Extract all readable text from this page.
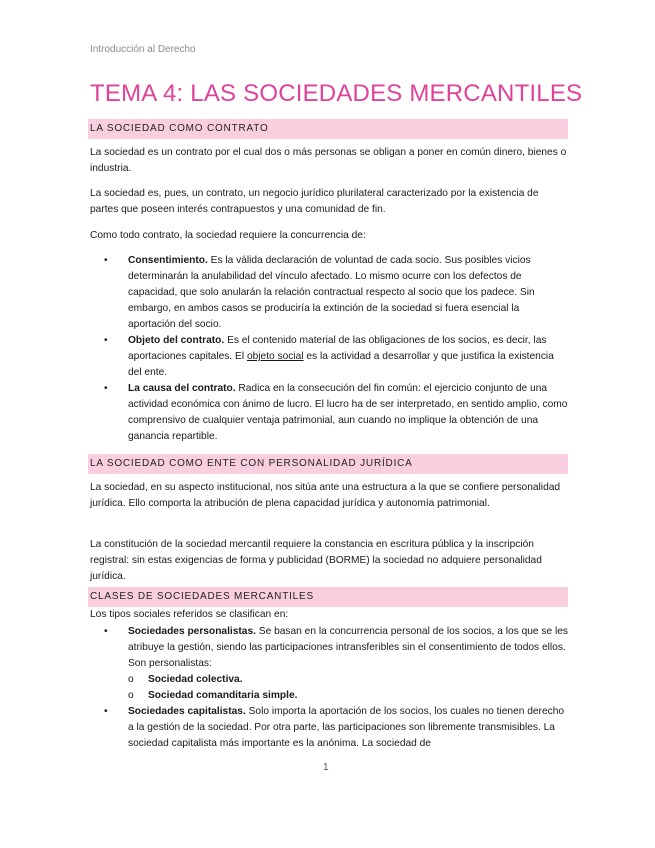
Introducción al Derecho
TEMA 4: LAS SOCIEDADES MERCANTILES
LA SOCIEDAD COMO CONTRATO
La sociedad es un contrato por el cual dos o más personas se obligan a poner en común dinero, bienes o industria.
La sociedad es, pues, un contrato, un negocio jurídico plurilateral caracterizado por la existencia de partes que poseen interés contrapuestos y una comunidad de fin.
Como todo contrato, la sociedad requiere la concurrencia de:
• Consentimiento. Es la válida declaración de voluntad de cada socio. Sus posibles vicios determinarán la anulabilidad del vínculo afectado. Lo mismo ocurre con los defectos de capacidad, que solo anularán la relación contractual respecto al socio que los padece. Sin embargo, en ambos casos se produciría la extinción de la sociedad si fuera esencial la aportación del socio.
• Objeto del contrato. Es el contenido material de las obligaciones de los socios, es decir, las aportaciones capitales. El objeto social es la actividad a desarrollar y que justifica la existencia del ente.
• La causa del contrato. Radica en la consecución del fin común: el ejercicio conjunto de una actividad económica con ánimo de lucro. El lucro ha de ser interpretado, en sentido amplio, como comprensivo de cualquier ventaja patrimonial, aun cuando no implique la obtención de una ganancia repartible.
LA SOCIEDAD COMO ENTE CON PERSONALIDAD JURÍDICA
La sociedad, en su aspecto institucional, nos sitúa ante una estructura a la que se confiere personalidad jurídica. Ello comporta la atribución de plena capacidad jurídica y autonomía patrimonial.
La constitución de la sociedad mercantil requiere la constancia en escritura pública y la inscripción registral: sin estas exigencias de forma y publicidad (BORME) la sociedad no adquiere personalidad jurídica.
CLASES DE SOCIEDADES MERCANTILES
Los tipos sociales referidos se clasifican en:
• Sociedades personalistas. Se basan en la concurrencia personal de los socios, a los que se les atribuye la gestión, siendo las participaciones intransferibles sin el consentimiento de todos ellos. Son personalistas:
o Sociedad colectiva.
o Sociedad comanditaria simple.
• Sociedades capitalistas. Solo importa la aportación de los socios, los cuales no tienen derecho a la gestión de la sociedad. Por otra parte, las participaciones son libremente transmisibles. La sociedad capitalista más importante es la anónima. La sociedad de
1
